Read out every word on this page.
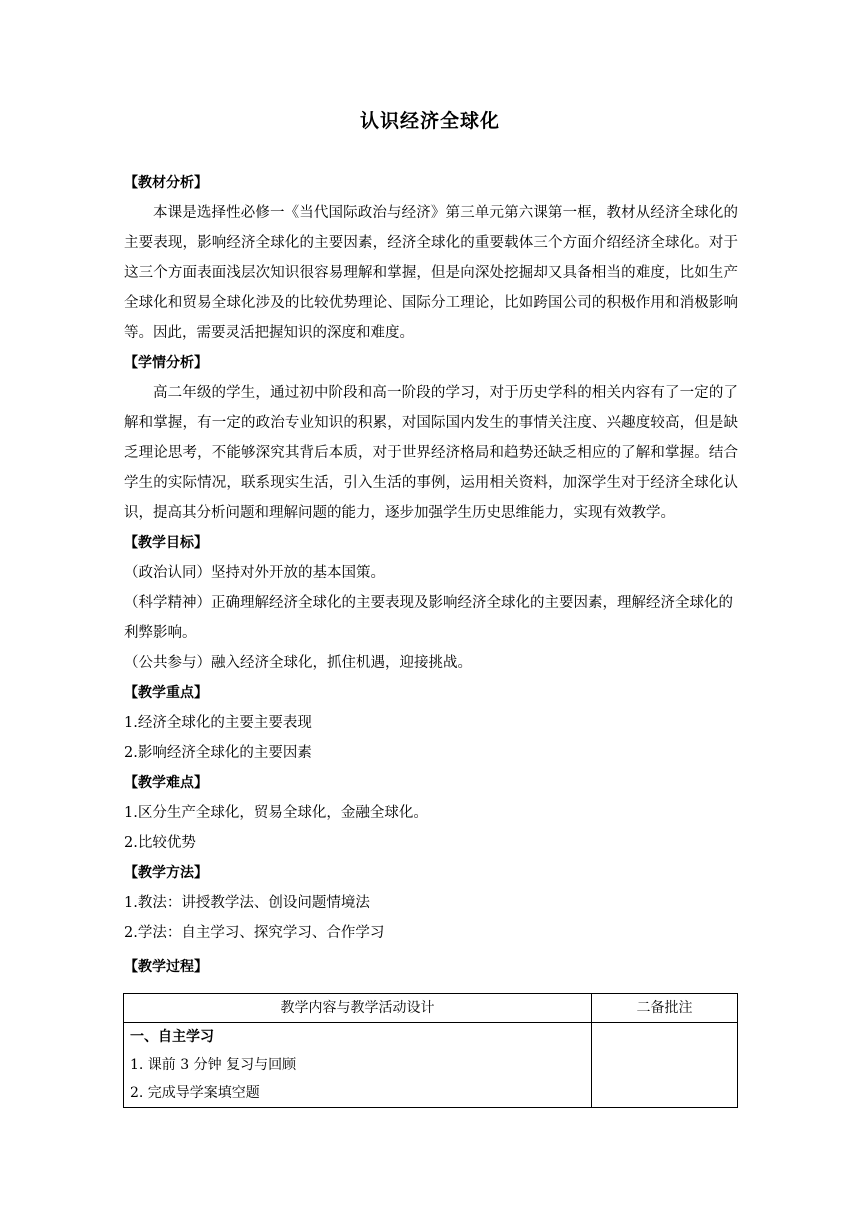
认识经济全球化
【教材分析】

本课是选择性必修一《当代国际政治与经济》第三单元第六课第一框，教材从经济全球化的主要表现，影响经济全球化的主要因素，经济全球化的重要载体三个方面介绍经济全球化。对于这三个方面表面浅层次知识很容易理解和掌握，但是向深处挖掘却又具备相当的难度，比如生产全球化和贸易全球化涉及的比较优势理论、国际分工理论，比如跨国公司的积极作用和消极影响等。因此，需要灵活把握知识的深度和难度。

【学情分析】

高二年级的学生，通过初中阶段和高一阶段的学习，对于历史学科的相关内容有了一定的了解和掌握，有一定的政治专业知识的积累，对国际国内发生的事情关注度、兴趣度较高，但是缺乏理论思考，不能够深究其背后本质，对于世界经济格局和趋势还缺乏相应的了解和掌握。结合学生的实际情况，联系现实生活，引入生活的事例，运用相关资料，加深学生对于经济全球化认识，提高其分析问题和理解问题的能力，逐步加强学生历史思维能力，实现有效教学。

【教学目标】

（政治认同）坚持对外开放的基本国策。

（科学精神）正确理解经济全球化的主要表现及影响经济全球化的主要因素，理解经济全球化的利弊影响。

（公共参与）融入经济全球化，抓住机遇，迎接挑战。

【教学重点】

1.经济全球化的主要主要表现

2.影响经济全球化的主要因素

【教学难点】

1.区分生产全球化，贸易全球化，金融全球化。

2.比较优势

【教学方法】

1.教法：讲授教学法、创设问题情境法

2.学法：自主学习、探究学习、合作学习

【教学过程】
教学内容与教学活动设计	二备批注

一、自主学习
1. 课前 3 分钟 复习与回顾
2. 完成导学案填空题	
